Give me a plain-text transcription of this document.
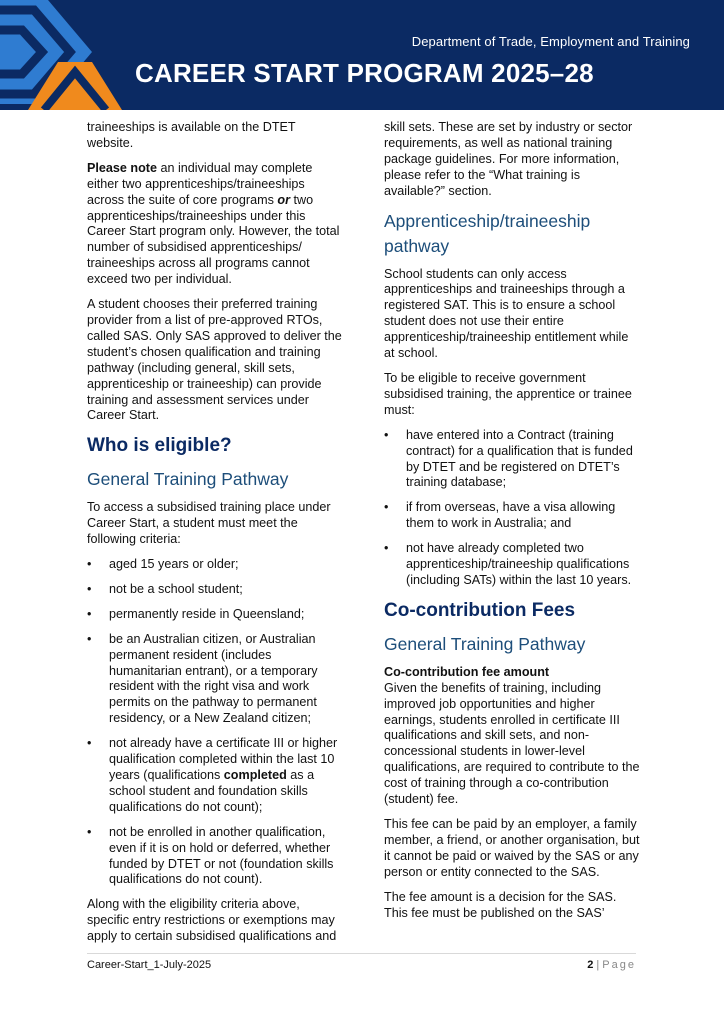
Department of Trade, Employment and Training
CAREER START PROGRAM 2025–28

traineeships is available on the DTET website.

Please note an individual may complete either two apprenticeships/traineeships across the suite of core programs or two apprenticeships/traineeships under this Career Start program only. However, the total number of subsidised apprenticeships/ traineeships across all programs cannot exceed two per individual.

A student chooses their preferred training provider from a list of pre-approved RTOs, called SAS. Only SAS approved to deliver the student’s chosen qualification and training pathway (including general, skill sets, apprenticeship or traineeship) can provide training and assessment services under Career Start.

Who is eligible?
General Training Pathway

To access a subsidised training place under Career Start, a student must meet the following criteria:

• aged 15 years or older;
• not be a school student;
• permanently reside in Queensland;
• be an Australian citizen, or Australian permanent resident (includes humanitarian entrant), or a temporary resident with the right visa and work permits on the pathway to permanent residency, or a New Zealand citizen;
• not already have a certificate III or higher qualification completed within the last 10 years (qualifications completed as a school student and foundation skills qualifications do not count);
• not be enrolled in another qualification, even if it is on hold or deferred, whether funded by DTET or not (foundation skills qualifications do not count).

Along with the eligibility criteria above, specific entry restrictions or exemptions may apply to certain subsidised qualifications and

skill sets. These are set by industry or sector requirements, as well as national training package guidelines. For more information, please refer to the “What training is available?” section.

Apprenticeship/traineeship pathway

School students can only access apprenticeships and traineeships through a registered SAT. This is to ensure a school student does not use their entire apprenticeship/traineeship entitlement while at school.

To be eligible to receive government subsidised training, the apprentice or trainee must:

• have entered into a Contract (training contract) for a qualification that is funded by DTET and be registered on DTET’s training database;
• if from overseas, have a visa allowing them to work in Australia; and
• not have already completed two apprenticeship/traineeship qualifications (including SATs) within the last 10 years.
Co-contribution Fees
General Training Pathway

Co-contribution fee amount
Given the benefits of training, including improved job opportunities and higher earnings, students enrolled in certificate III qualifications and skill sets, and non-concessional students in lower-level qualifications, are required to contribute to the cost of training through a co-contribution (student) fee.

This fee can be paid by an employer, a family member, a friend, or another organisation, but it cannot be paid or waived by the SAS or any person or entity connected to the SAS.

The fee amount is a decision for the SAS. This fee must be published on the SAS’

Career-Start_1-July-2025	2 | Page
